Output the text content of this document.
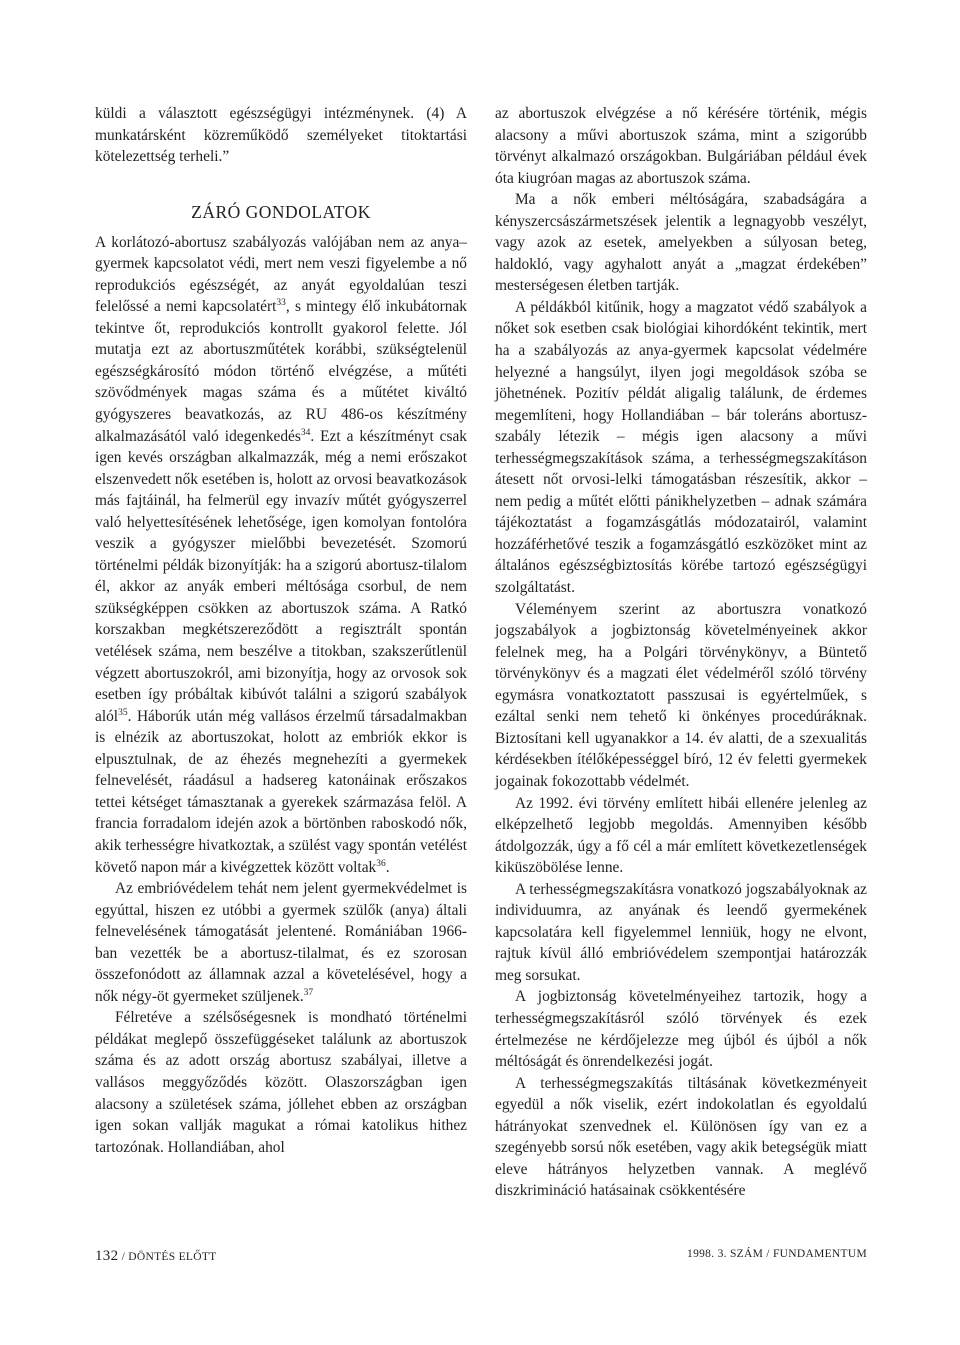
küldi a választott egészségügyi intézménynek. (4) A munkatársként közreműködő személyeket titoktartási kötelezettség terheli.”

ZÁRÓ GONDOLATOK

A korlátozó-abortusz szabályozás valójában nem az anya–gyermek kapcsolatot védi, mert nem veszi figyelembe a nő reprodukciós egészségét, az anyát egyoldalúan teszi felelőssé a nemi kapcsolatért$^{33}$, s mintegy élő inkubátornak tekintve őt, reprodukciós kontrollt gyakorol felette. Jól mutatja ezt az abortuszműtétek korábbi, szükségtelenül egészségkárosító módon történő elvégzése, a műtéti szövődmények magas száma és a műtétet kiváltó gyógyszeres beavatkozás, az RU 486-os készítmény alkalmazásától való idegenkedés$^{34}$. Ezt a készítményt csak igen kevés országban alkalmazzák, még a nemi erőszakot elszenvedett nők esetében is, holott az orvosi beavatkozások más fajtáinál, ha felmerül egy invazív műtét gyógyszerrel való helyettesítésének lehetősége, igen komolyan fontolóra veszik a gyógyszer mielőbbi bevezetését. Szomorú történelmi példák bizonyítják: ha a szigorú abortusz-tilalom él, akkor az anyák emberi méltósága csorbul, de nem szükségképpen csökken az abortuszok száma. A Ratkó korszakban megkétszereződött a regisztrált spontán vetélések száma, nem beszélve a titokban, szakszerűtlenül végzett abortuszokról, ami bizonyítja, hogy az orvosok sok esetben így próbáltak kibúvót találni a szigorú szabályok alól$^{35}$. Háborúk után még vallásos érzelmű társadalmakban is elnézik az abortuszokat, holott az embriók ekkor is elpusztulnak, de az éhezés megnehezíti a gyermekek felnevelését, ráadásul a hadsereg katonáinak erőszakos tettei kétséget támasztanak a gyerekek származása felöl. A francia forradalom idején azok a börtönben raboskodó nők, akik terhességre hivatkoztak, a szülést vagy spontán vetélést követő napon már a kivégzettek között voltak$^{36}$.

Az embrióvédelem tehát nem jelent gyermekvédelmet is egyúttal, hiszen ez utóbbi a gyermek szülők (anya) általi felnevelésének támogatását jelentené. Romániában 1966-ban vezették be a abortusz-tilalmat, és ez szorosan összefonódott az államnak azzal a követelésével, hogy a nők négy-öt gyermeket szüljenek.$^{37}$

Félretéve a szélsőségesnek is mondható történelmi példákat meglepő összefüggéseket találunk az abortuszok száma és az adott ország abortusz szabályai, illetve a vallásos meggyőződés között. Olaszországban igen alacsony a születések száma, jóllehet ebben az országban igen sokan vallják magukat a római katolikus hithez tartozónak. Hollandiában, ahol

az abortuszok elvégzése a nő kérésére történik, mégis alacsony a művi abortuszok száma, mint a szigorúbb törvényt alkalmazó országokban. Bulgáriában például évek óta kiugróan magas az abortuszok száma.

Ma a nők emberi méltóságára, szabadságára a kényszercsászármetszések jelentik a legnagyobb veszélyt, vagy azok az esetek, amelyekben a súlyosan beteg, haldokló, vagy agyhalott anyát a „magzat érdekében” mesterségesen életben tartják.

A példákból kitűnik, hogy a magzatot védő szabályok a nőket sok esetben csak biológiai kihordóként tekintik, mert ha a szabályozás az anya-gyermek kapcsolat védelmére helyezné a hangsúlyt, ilyen jogi megoldások szóba se jöhetnének. Pozitív példát aligalig találunk, de érdemes megemlíteni, hogy Hollandiában – bár toleráns abortusz-szabály létezik – mégis igen alacsony a művi terhességmegszakítások száma, a terhességmegszakításon átesett nőt orvosi-lelki támogatásban részesítik, akkor – nem pedig a műtét előtti pánikhelyzetben – adnak számára tájékoztatást a fogamzásgátlás módozatairól, valamint hozzáférhetővé teszik a fogamzásgátló eszközöket mint az általános egészségbiztosítás körébe tartozó egészségügyi szolgáltatást.

Véleményem szerint az abortuszra vonatkozó jogszabályok a jogbiztonság követelményeinek akkor felelnek meg, ha a Polgári törvénykönyv, a Büntető törvénykönyv és a magzati élet védelméről szóló törvény egymásra vonatkoztatott passzusai is egyértelműek, s ezáltal senki nem tehető ki önkényes procedúráknak. Biztosítani kell ugyanakkor a 14. év alatti, de a szexualitás kérdésekben ítélőképességgel bíró, 12 év feletti gyermekek jogainak fokozottabb védelmét.

Az 1992. évi törvény említett hibái ellenére jelenleg az elképzelhető legjobb megoldás. Amennyiben később átdolgozzák, úgy a fő cél a már említett következetlenségek kiküszöbölése lenne.

A terhességmegszakításra vonatkozó jogszabályoknak az individuumra, az anyának és leendő gyermekének kapcsolatára kell figyelemmel lenniük, hogy ne elvont, rajtuk kívül álló embrióvédelem szempontjai határozzák meg sorsukat.

A jogbiztonság követelményeihez tartozik, hogy a terhességmegszakításról szóló törvények és ezek értelmezése ne kérdőjelezze meg újból és újból a nők méltóságát és önrendelkezési jogát.

A terhességmegszakítás tiltásának következményeit egyedül a nők viselik, ezért indokolatlan és egyoldalú hátrányokat szenvednek el. Különösen így van ez a szegényebb sorsú nők esetében, vagy akik betegségük miatt eleve hátrányos helyzetben vannak. A meglévő diszkrimináció hatásainak csökkentésére

132 / DÖNTÉS ELŐTT	1998. 3. SZÁM / FUNDAMENTUM
